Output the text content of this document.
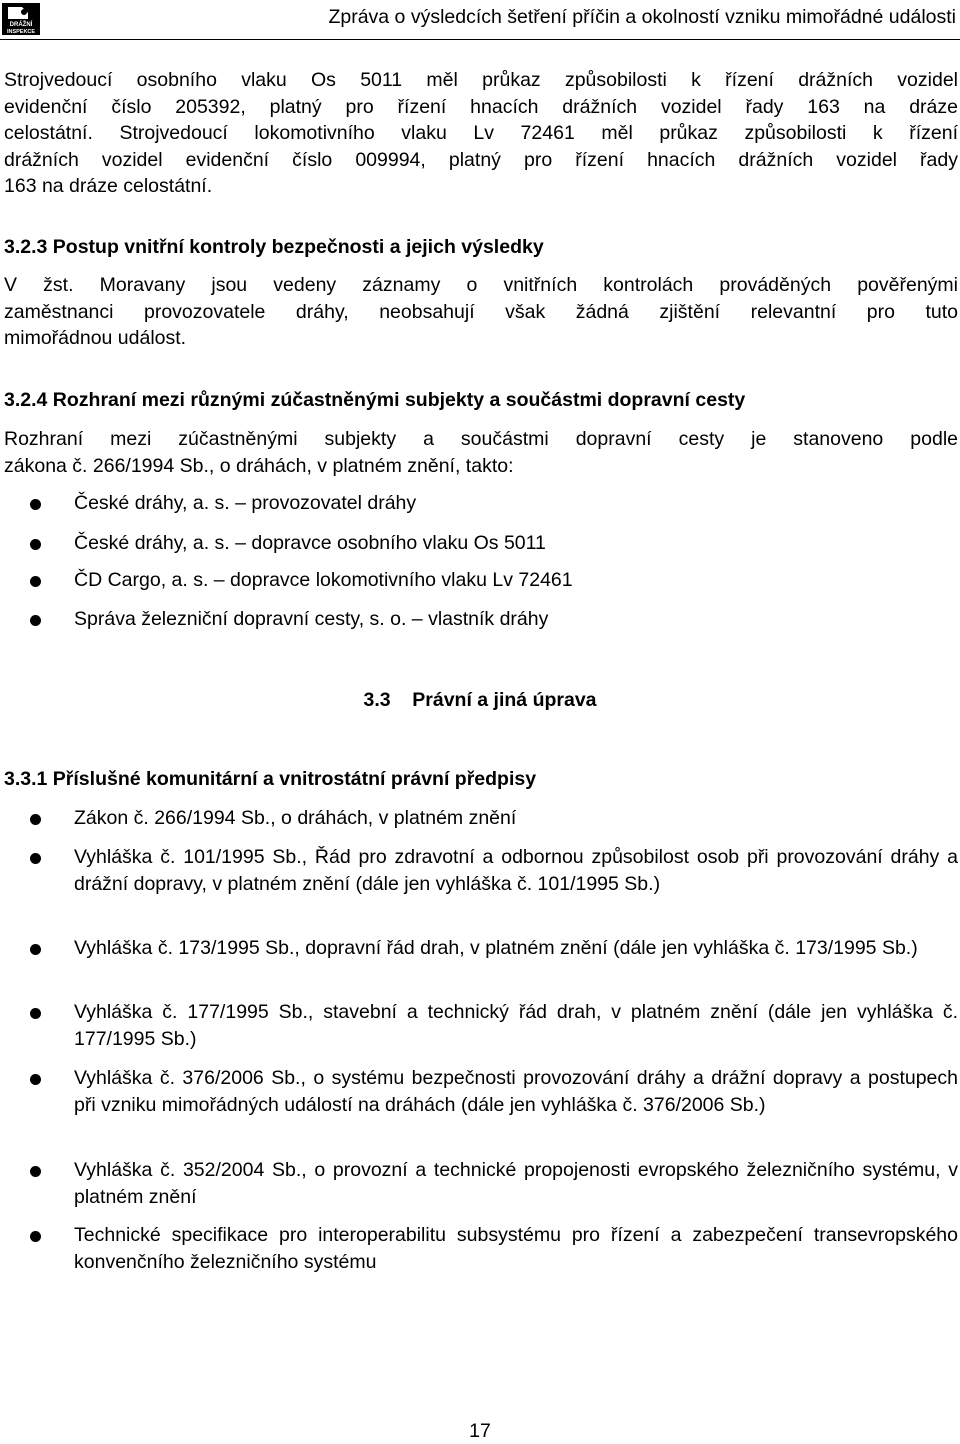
DRÁŽNÍ
INSPEKCE
Zpráva o výsledcích šetření příčin a okolností vzniku mimořádné události
Strojvedoucí osobního vlaku Os 5011 měl průkaz způsobilosti k řízení drážních vozidel
evidenční číslo 205392, platný pro řízení hnacích drážních vozidel řady 163 na dráze
celostátní. Strojvedoucí lokomotivního vlaku Lv 72461 měl průkaz způsobilosti k řízení
drážních vozidel evidenční číslo 009994, platný pro řízení hnacích drážních vozidel řady
163 na dráze celostátní.
3.2.3 Postup vnitřní kontroly bezpečnosti a jejich výsledky
V žst. Moravany jsou vedeny záznamy o vnitřních kontrolách prováděných pověřenými
zaměstnanci provozovatele dráhy, neobsahují však žádná zjištění relevantní pro tuto
mimořádnou událost.
3.2.4 Rozhraní mezi různými zúčastněnými subjekty a součástmi dopravní cesty
Rozhraní mezi zúčastněnými subjekty a součástmi dopravní cesty je stanoveno podle
zákona č. 266/1994 Sb., o dráhách, v platném znění, takto:
České dráhy, a. s. – provozovatel dráhy
České dráhy, a. s. – dopravce osobního vlaku Os 5011
ČD Cargo, a. s. – dopravce lokomotivního vlaku Lv 72461
Správa železniční dopravní cesty, s. o. – vlastník dráhy
3.3    Právní a jiná úprava
3.3.1 Příslušné komunitární a vnitrostátní právní předpisy
Zákon č. 266/1994 Sb., o dráhách, v platném znění
Vyhláška č. 101/1995 Sb., Řád pro zdravotní a odbornou způsobilost osob při provozování dráhy a drážní dopravy, v platném znění (dále jen vyhláška č. 101/1995 Sb.)
Vyhláška č. 173/1995 Sb., dopravní řád drah, v platném znění (dále jen vyhláška č. 173/1995 Sb.)
Vyhláška č. 177/1995 Sb., stavební a technický řád drah, v platném znění (dále jen vyhláška č. 177/1995 Sb.)
Vyhláška č. 376/2006 Sb., o systému bezpečnosti provozování dráhy a drážní dopravy a postupech při vzniku mimořádných událostí na dráhách (dále jen vyhláška č. 376/2006 Sb.)
Vyhláška č. 352/2004 Sb., o provozní a technické propojenosti evropského železničního systému, v platném znění
Technické specifikace pro interoperabilitu subsystému pro řízení a zabezpečení transevropského konvenčního železničního systému
17
